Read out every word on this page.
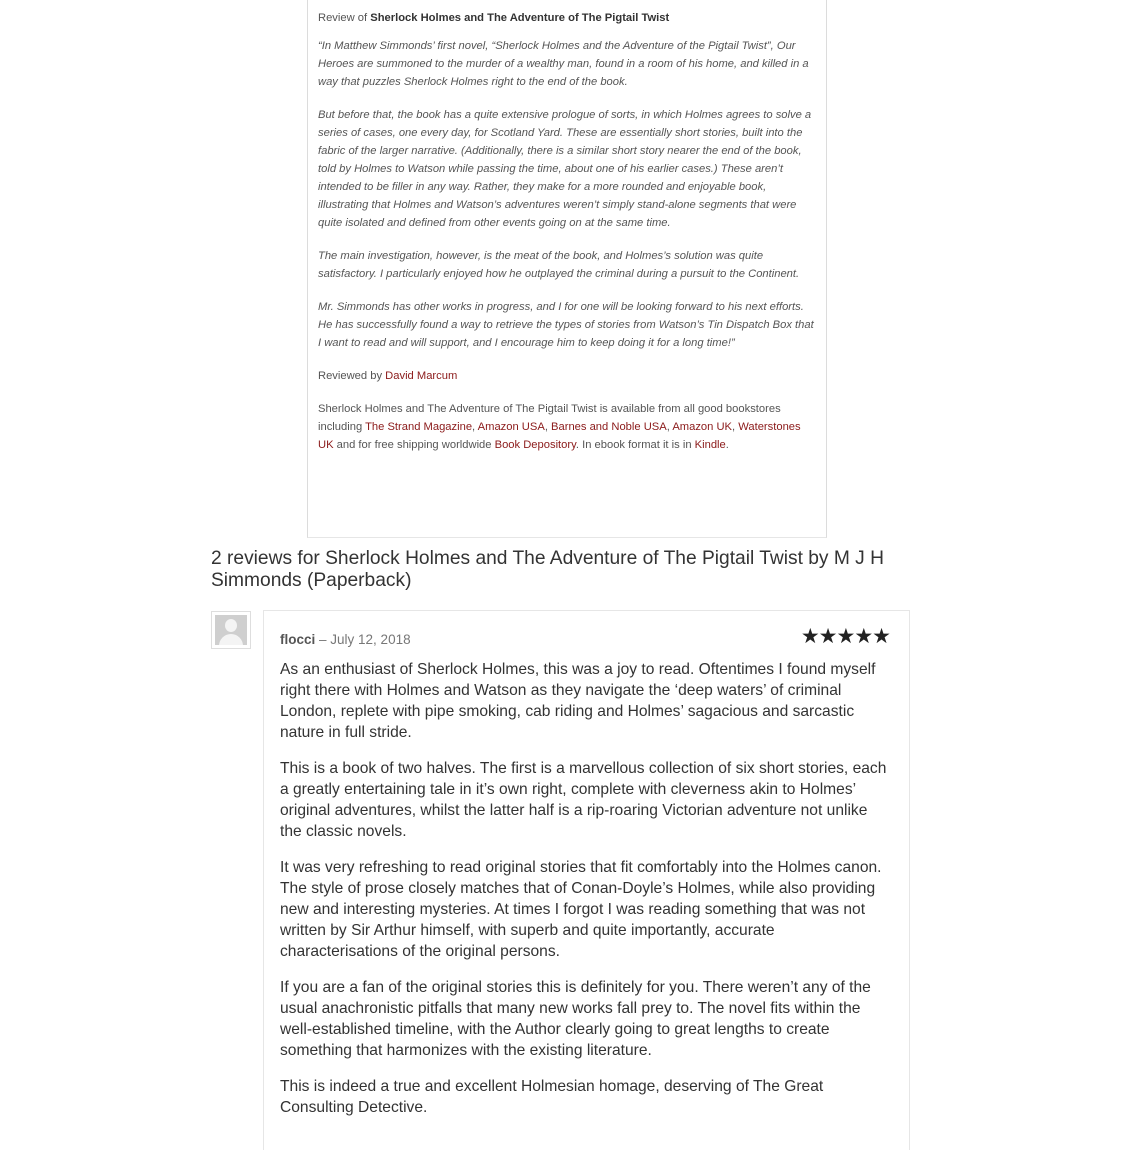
Review of Sherlock Holmes and The Adventure of The Pigtail Twist

“In Matthew Simmonds’ first novel, “Sherlock Holmes and the Adventure of the Pigtail Twist”, Our Heroes are summoned to the murder of a wealthy man, found in a room of his home, and killed in a way that puzzles Sherlock Holmes right to the end of the book.

But before that, the book has a quite extensive prologue of sorts, in which Holmes agrees to solve a series of cases, one every day, for Scotland Yard. These are essentially short stories, built into the fabric of the larger narrative. (Additionally, there is a similar short story nearer the end of the book, told by Holmes to Watson while passing the time, about one of his earlier cases.) These aren’t intended to be filler in any way. Rather, they make for a more rounded and enjoyable book, illustrating that Holmes and Watson’s adventures weren’t simply stand-alone segments that were quite isolated and defined from other events going on at the same time.

The main investigation, however, is the meat of the book, and Holmes’s solution was quite satisfactory. I particularly enjoyed how he outplayed the criminal during a pursuit to the Continent.

Mr. Simmonds has other works in progress, and I for one will be looking forward to his next efforts. He has successfully found a way to retrieve the types of stories from Watson’s Tin Dispatch Box that I want to read and will support, and I encourage him to keep doing it for a long time!”

Reviewed by David Marcum

Sherlock Holmes and The Adventure of The Pigtail Twist is available from all good bookstores including The Strand Magazine, Amazon USA, Barnes and Noble USA, Amazon UK, Waterstones UK and for free shipping worldwide Book Depository. In ebook format it is in Kindle.

2 reviews for Sherlock Holmes and The Adventure of The Pigtail Twist by M J H Simmonds (Paperback)
flocci – July 12, 2018	★★★★★

As an enthusiast of Sherlock Holmes, this was a joy to read. Oftentimes I found myself right there with Holmes and Watson as they navigate the ‘deep waters’ of criminal London, replete with pipe smoking, cab riding and Holmes’ sagacious and sarcastic nature in full stride.

This is a book of two halves. The first is a marvellous collection of six short stories, each a greatly entertaining tale in it’s own right, complete with cleverness akin to Holmes’ original adventures, whilst the latter half is a rip-roaring Victorian adventure not unlike the classic novels.

It was very refreshing to read original stories that fit comfortably into the Holmes canon. The style of prose closely matches that of Conan-Doyle’s Holmes, while also providing new and interesting mysteries. At times I forgot I was reading something that was not written by Sir Arthur himself, with superb and quite importantly, accurate characterisations of the original persons.

If you are a fan of the original stories this is definitely for you. There weren’t any of the usual anachronistic pitfalls that many new works fall prey to. The novel fits within the well-established timeline, with the Author clearly going to great lengths to create something that harmonizes with the existing literature.

This is indeed a true and excellent Holmesian homage, deserving of The Great Consulting Detective.
